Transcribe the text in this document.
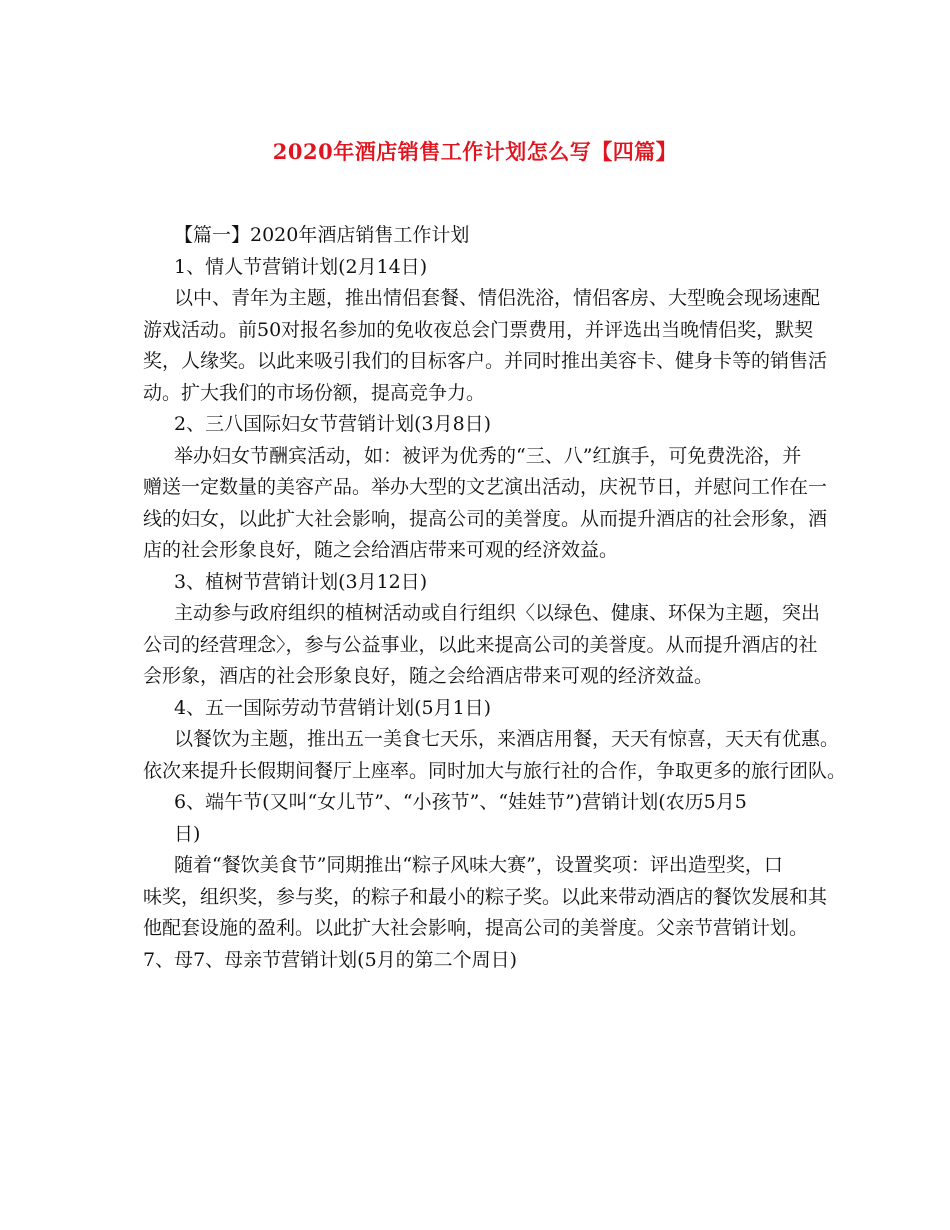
2020年酒店销售工作计划怎么写【四篇】
【篇一】2020年酒店销售工作计划
1、情人节营销计划(2月14日)
以中、青年为主题，推出情侣套餐、情侣洗浴，情侣客房、大型晚会现场速配
游戏活动。前50对报名参加的免收夜总会门票费用，并评选出当晚情侣奖，默契
奖，人缘奖。以此来吸引我们的目标客户。并同时推出美容卡、健身卡等的销售活
动。扩大我们的市场份额，提高竞争力。
2、三八国际妇女节营销计划(3月8日)
举办妇女节酬宾活动，如：被评为优秀的“三、八”红旗手，可免费洗浴，并
赠送一定数量的美容产品。举办大型的文艺演出活动，庆祝节日，并慰问工作在一
线的妇女，以此扩大社会影响，提高公司的美誉度。从而提升酒店的社会形象，酒
店的社会形象良好，随之会给酒店带来可观的经济效益。
3、植树节营销计划(3月12日)
主动参与政府组织的植树活动或自行组织〈以绿色、健康、环保为主题，突出
公司的经营理念〉，参与公益事业，以此来提高公司的美誉度。从而提升酒店的社
会形象，酒店的社会形象良好，随之会给酒店带来可观的经济效益。
4、五一国际劳动节营销计划(5月1日)
以餐饮为主题，推出五一美食七天乐，来酒店用餐，天天有惊喜，天天有优惠。
依次来提升长假期间餐厅上座率。同时加大与旅行社的合作，争取更多的旅行团队。
6、端午节(又叫“女儿节”、“小孩节”、“娃娃节”)营销计划(农历5月5
日)
随着“餐饮美食节”同期推出“粽子风味大赛”，设置奖项：评出造型奖，口
味奖，组织奖，参与奖，的粽子和最小的粽子奖。以此来带动酒店的餐饮发展和其
他配套设施的盈利。以此扩大社会影响，提高公司的美誉度。父亲节营销计划。
7、母7、母亲节营销计划(5月的第二个周日)
